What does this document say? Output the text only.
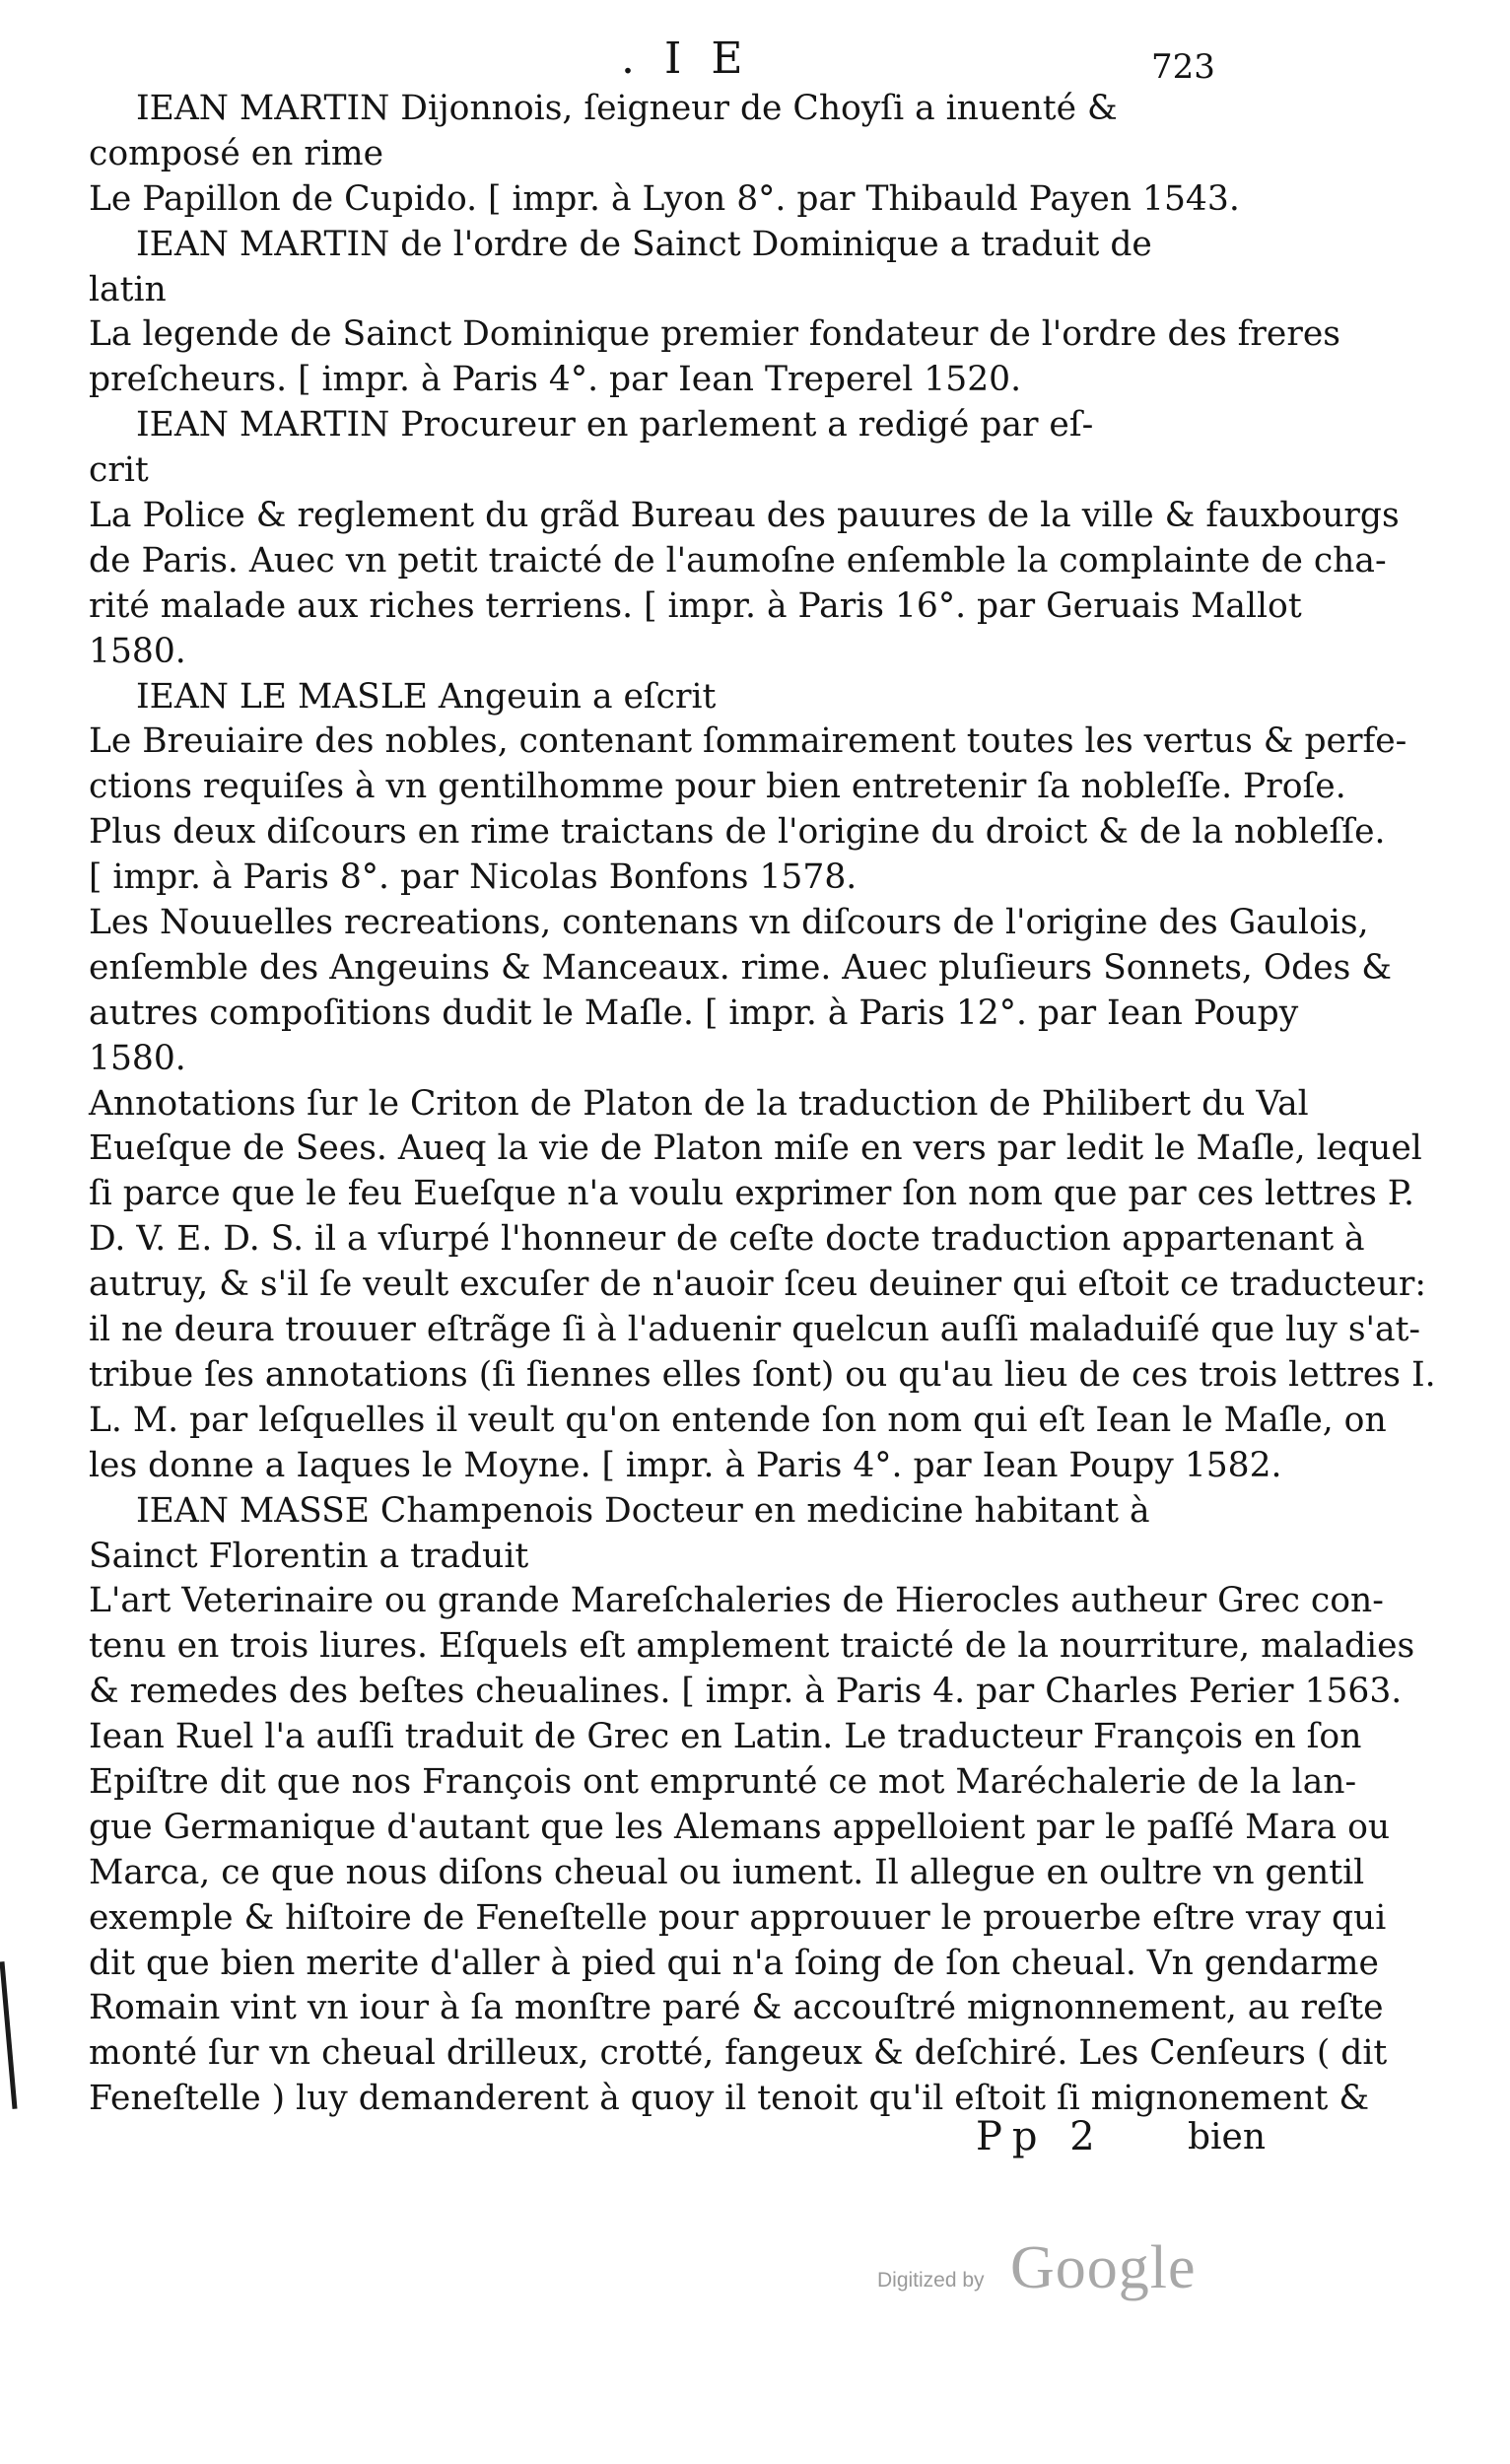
. I E	723
IEAN MARTIN Dijonnois, ſeigneur de Choyſi a inuenté &
composé en rime
Le Papillon de Cupido. [ impr. à Lyon 8°. par Thibauld Payen 1543.
IEAN MARTIN de l'ordre de Sainct Dominique a traduit de
latin
La legende de Sainct Dominique premier fondateur de l'ordre des freres
preſcheurs. [ impr. à Paris 4°. par Iean Treperel 1520.
IEAN MARTIN Procureur en parlement a redigé par eſ-
crit
La Police & reglement du grãd Bureau des pauures de la ville & fauxbourgs
de Paris. Auec vn petit traicté de l'aumoſne enſemble la complainte de cha-
rité malade aux riches terriens. [ impr. à Paris 16°. par Geruais Mallot
1580.
IEAN LE MASLE Angeuin a eſcrit
Le Breuiaire des nobles, contenant ſommairement toutes les vertus & perfe-
ctions requiſes à vn gentilhomme pour bien entretenir ſa nobleſſe. Proſe.
Plus deux diſcours en rime traictans de l'origine du droict & de la nobleſſe.
[ impr. à Paris 8°. par Nicolas Bonfons 1578.
Les Nouuelles recreations, contenans vn diſcours de l'origine des Gaulois,
enſemble des Angeuins & Manceaux. rime. Auec pluſieurs Sonnets, Odes &
autres compoſitions dudit le Maſle. [ impr. à Paris 12°. par Iean Poupy
1580.
Annotations ſur le Criton de Platon de la traduction de Philibert du Val
Eueſque de Sees. Aueq la vie de Platon miſe en vers par ledit le Maſle, lequel
ſi parce que le feu Eueſque n'a voulu exprimer ſon nom que par ces lettres P.
D. V. E. D. S. il a vſurpé l'honneur de ceſte docte traduction appartenant à
autruy, & s'il ſe veult excuſer de n'auoir ſceu deuiner qui eſtoit ce traducteur:
il ne deura trouuer eſtrãge ſi à l'aduenir quelcun auſſi maladuiſé que luy s'at-
tribue ſes annotations (ſi ſiennes elles ſont) ou qu'au lieu de ces trois lettres I.
L. M. par leſquelles il veult qu'on entende ſon nom qui eſt Iean le Maſle, on
les donne a Iaques le Moyne. [ impr. à Paris 4°. par Iean Poupy 1582.
IEAN MASSE Champenois Docteur en medicine habitant à
Sainct Florentin a traduit
L'art Veterinaire ou grande Mareſchaleries de Hierocles autheur Grec con-
tenu en trois liures. Eſquels eſt amplement traicté de la nourriture, maladies
& remedes des beſtes cheualines. [ impr. à Paris 4. par Charles Perier 1563.
Iean Ruel l'a auſſi traduit de Grec en Latin. Le traducteur François en ſon
Epiſtre dit que nos François ont emprunté ce mot Maréchalerie de la lan-
gue Germanique d'autant que les Alemans appelloient par le paſſé Mara ou
Marca, ce que nous diſons cheual ou iument. Il allegue en oultre vn gentil
exemple & hiſtoire de Feneſtelle pour approuuer le prouerbe eſtre vray qui
dit que bien merite d'aller à pied qui n'a ſoing de ſon cheual. Vn gendarme
Romain vint vn iour à ſa monſtre paré & accouſtré mignonnement, au reſte
monté ſur vn cheual drilleux, crotté, fangeux & deſchiré. Les Cenſeurs ( dit
Feneſtelle ) luy demanderent à quoy il tenoit qu'il eſtoit ſi mignonement &
Pp 2 bien
Digitized by Google
